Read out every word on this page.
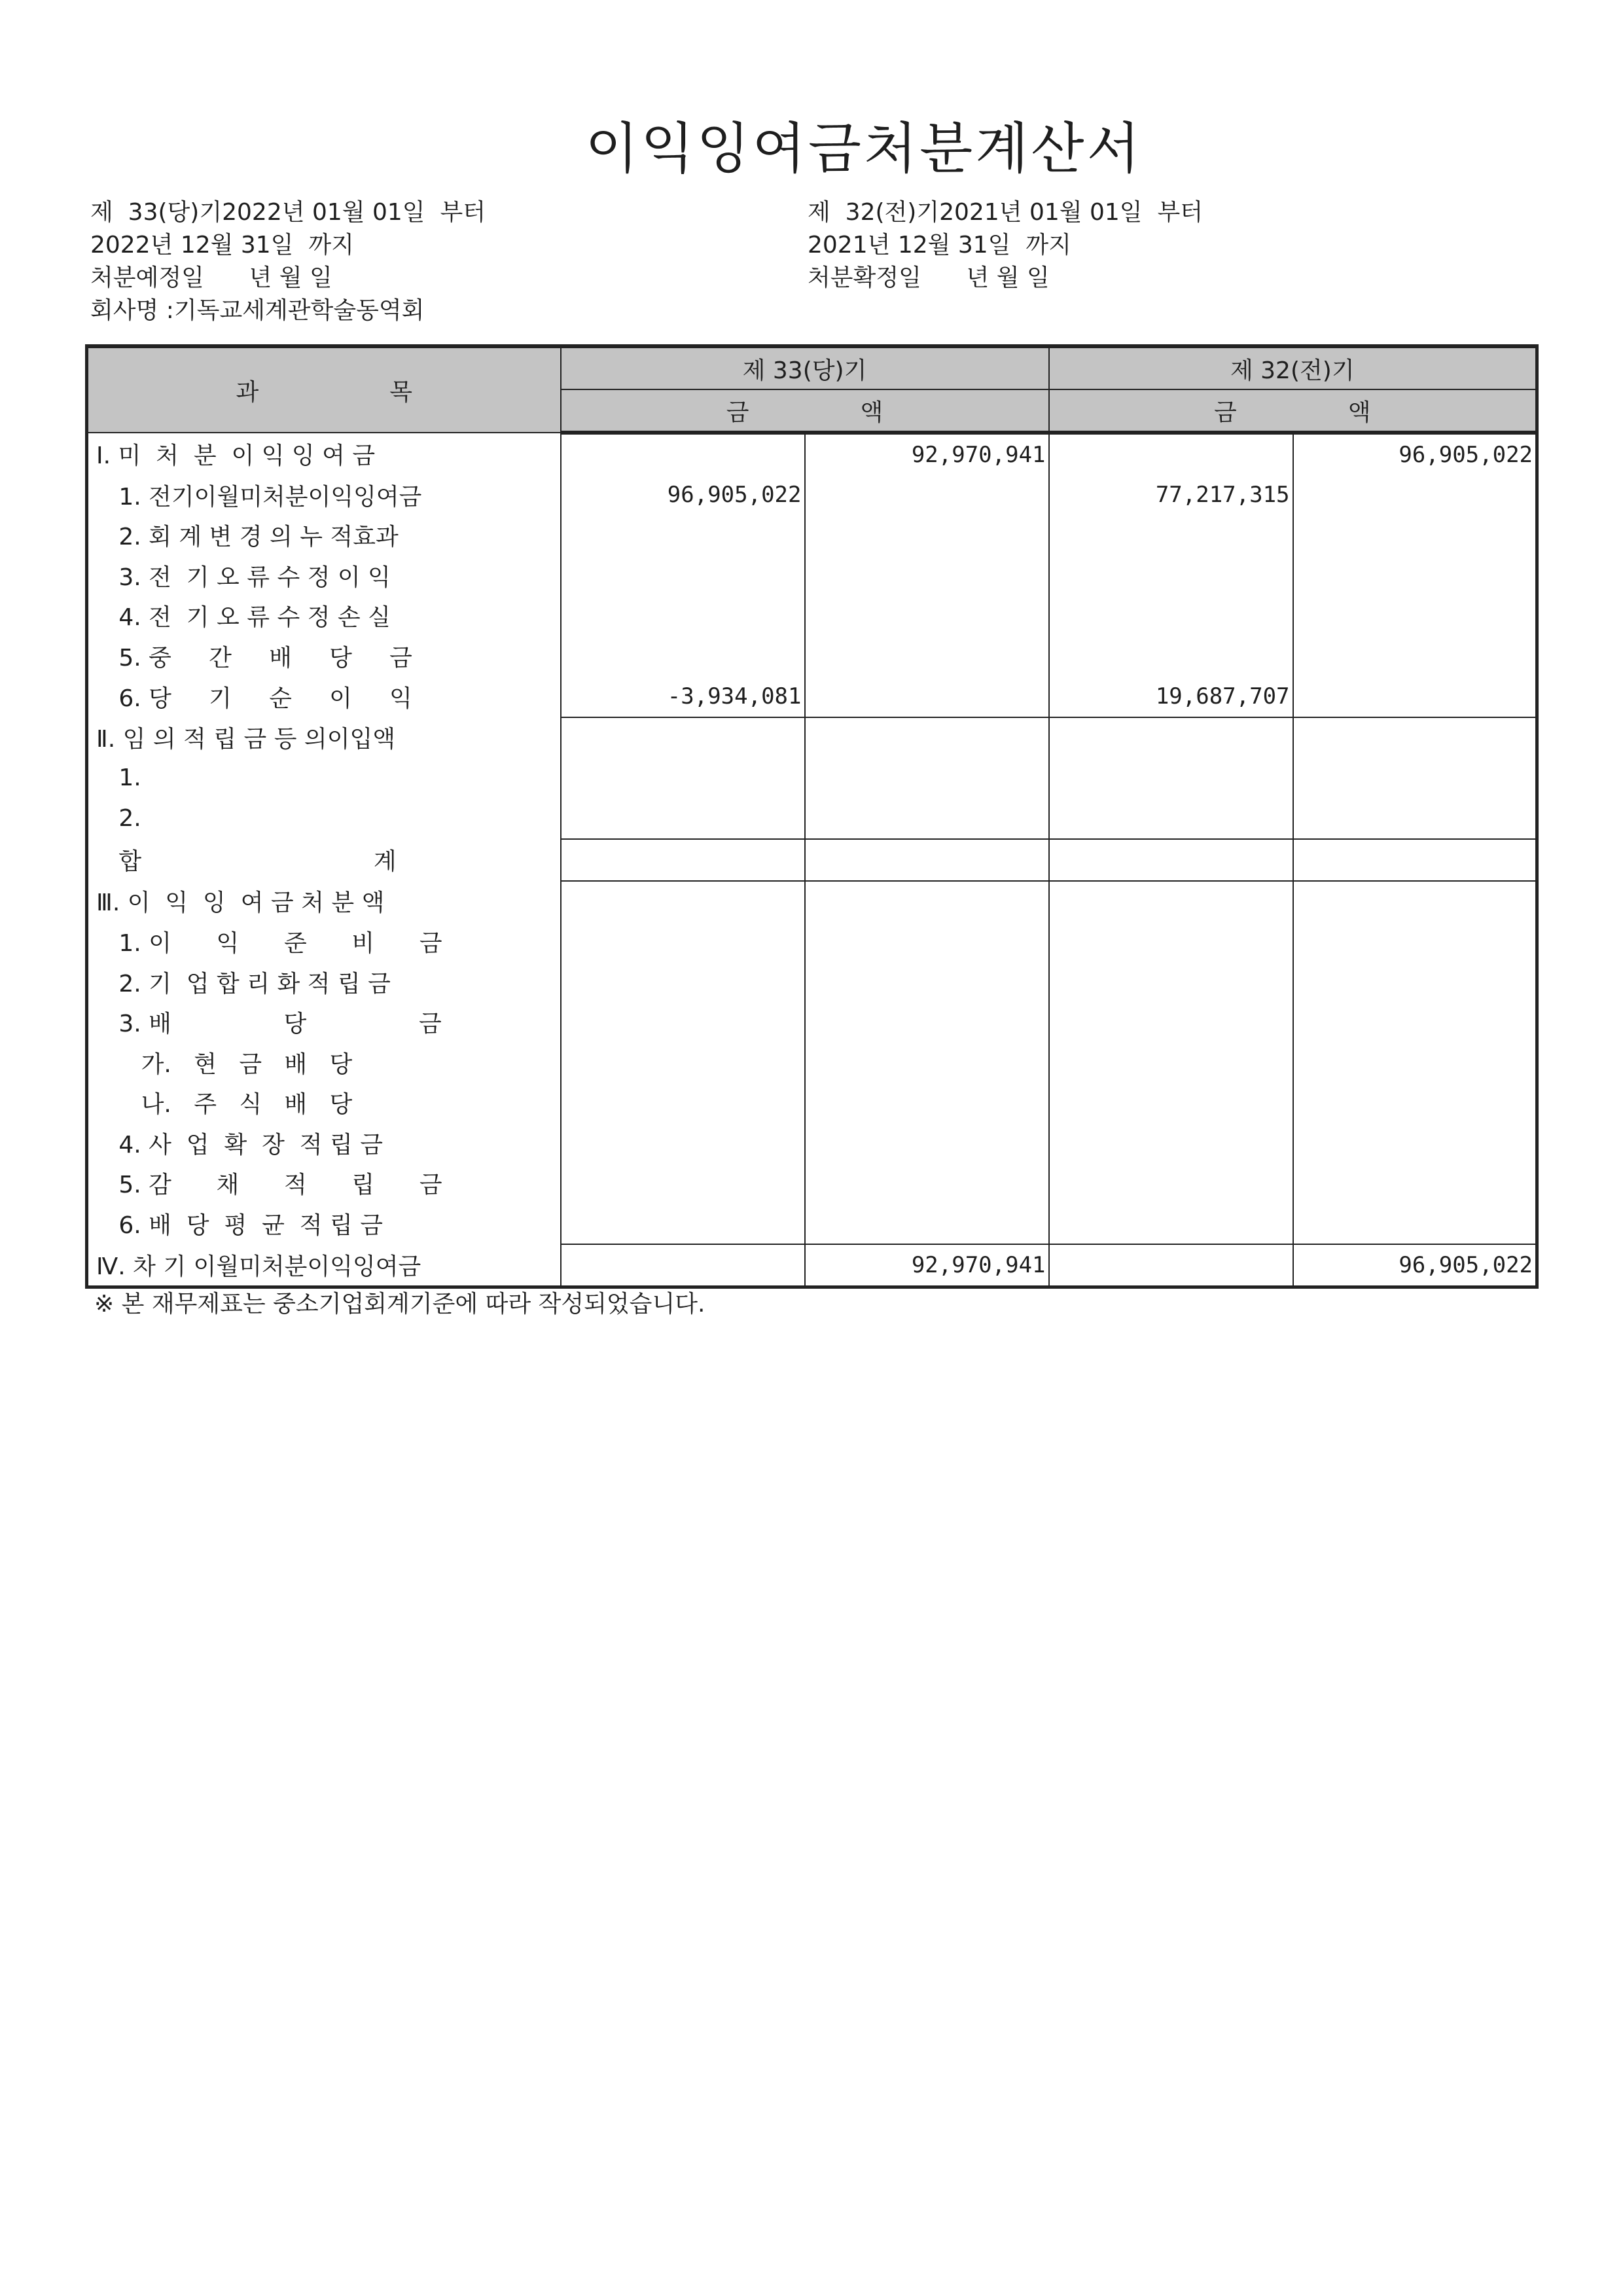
이익잉여금처분계산서
제  33(당)기2022년 01월 01일  부터
2022년 12월 31일  까지
처분예정일      년 월 일
회사명 :기독교세계관학술동역회
제  32(전)기2021년 01월 01일  부터
2021년 12월 31일  까지
처분확정일      년 월 일
과 목	제 33(당)기		제 32(전)기	
	금 액		금 액	
Ⅰ. 미  처  분  이 익 잉 여 금		92,970,941		96,905,022
1. 전기이월미처분이익잉여금	96,905,022		77,217,315	
2. 회 계 변 경 의 누 적효과				
3. 전  기 오 류 수 정 이 익				
4. 전  기 오 류 수 정 손 실				
5. 중     간     배     당     금				
6. 당     기     순     이     익	-3,934,081		19,687,707	
Ⅱ. 임 의 적 립 금 등 의이입액				
1.				
2.				
합                               계				
Ⅲ. 이  익  잉  여 금 처 분 액				
1. 이      익      준      비      금				
2. 기  업 합 리 화 적 립 금				
3. 배               당               금				
가.   현   금   배   당				
나.   주   식   배   당				
4. 사  업  확  장  적 립 금				
5. 감      채      적      립      금				
6. 배  당  평  균  적 립 금				
Ⅳ. 차 기 이월미처분이익잉여금		92,970,941		96,905,022
※ 본 재무제표는 중소기업회계기준에 따라 작성되었습니다.
